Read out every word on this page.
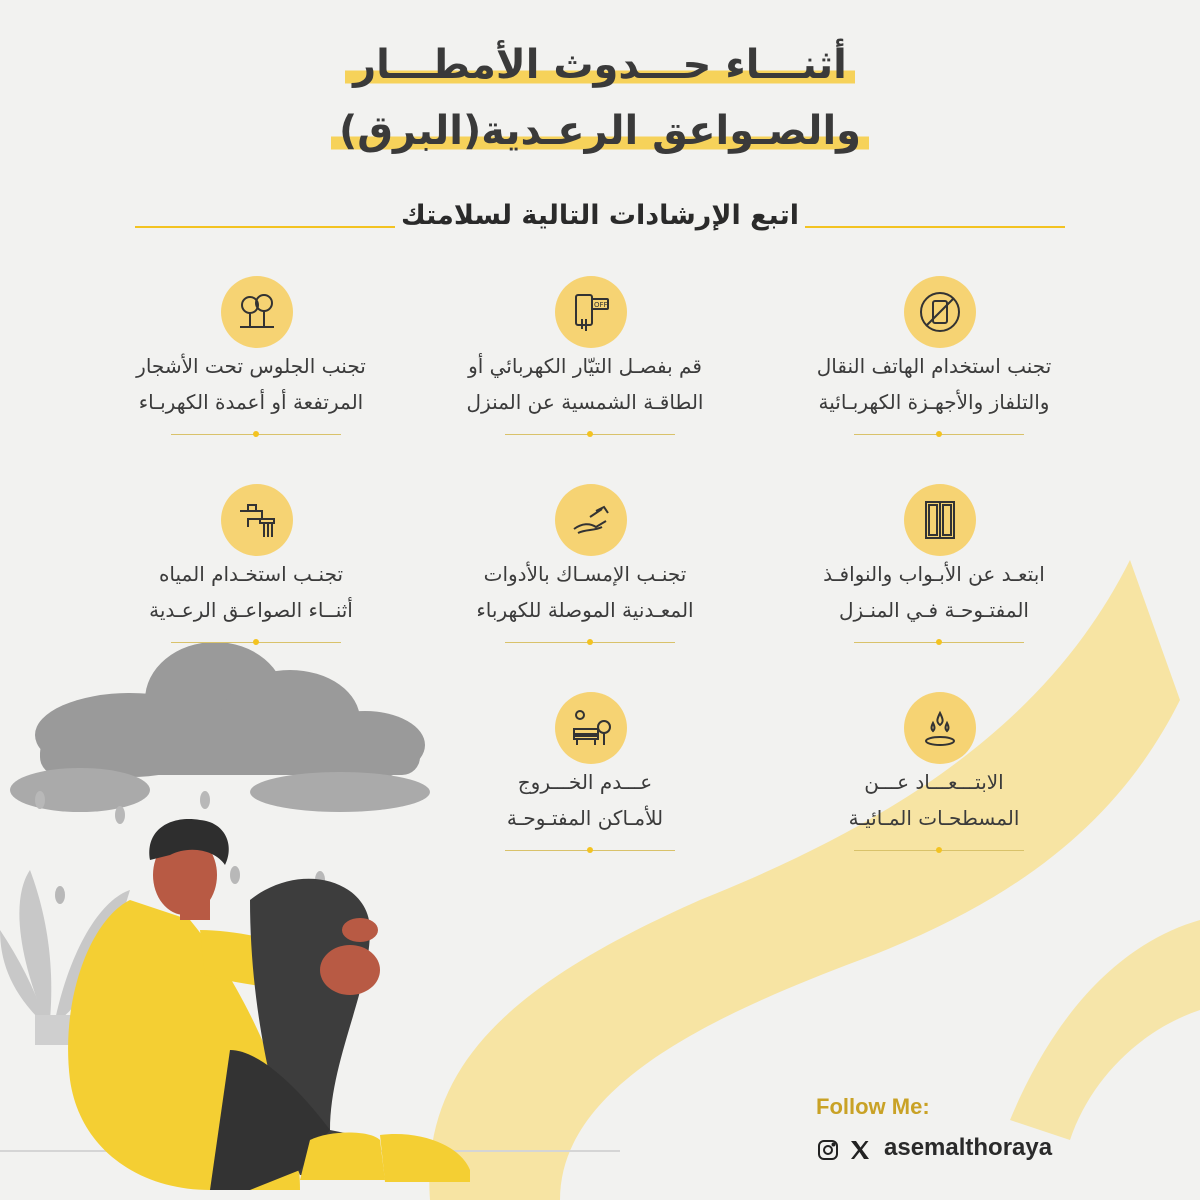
أثنـــاء حـــدوث الأمطـــار
والصـواعق الرعـدية(البرق)
اتبع الإرشادات التالية لسلامتك
تجنب استخدام الهاتف النقال
والتلفاز والأجهـزة الكهربـائية
OFF
قم بفصـل التيّار الكهربائي أو
الطاقـة الشمسية عن المنزل
تجنب الجلوس تحت الأشجار
المرتفعة أو أعمدة الكهربـاء
ابتعـد عن الأبـواب والنوافـذ
المفتـوحـة فـي المنـزل
تجنـب الإمسـاك بالأدوات
المعـدنية الموصلة للكهرباء
تجنـب استخـدام المياه
أثنــاء الصواعـق الرعـدية
الابتـــعـــاد عـــن
المسطحـات المـائيـة
عـــدم الخـــروج
للأمـاكن المفتـوحـة
Follow Me:
asemalthoraya
